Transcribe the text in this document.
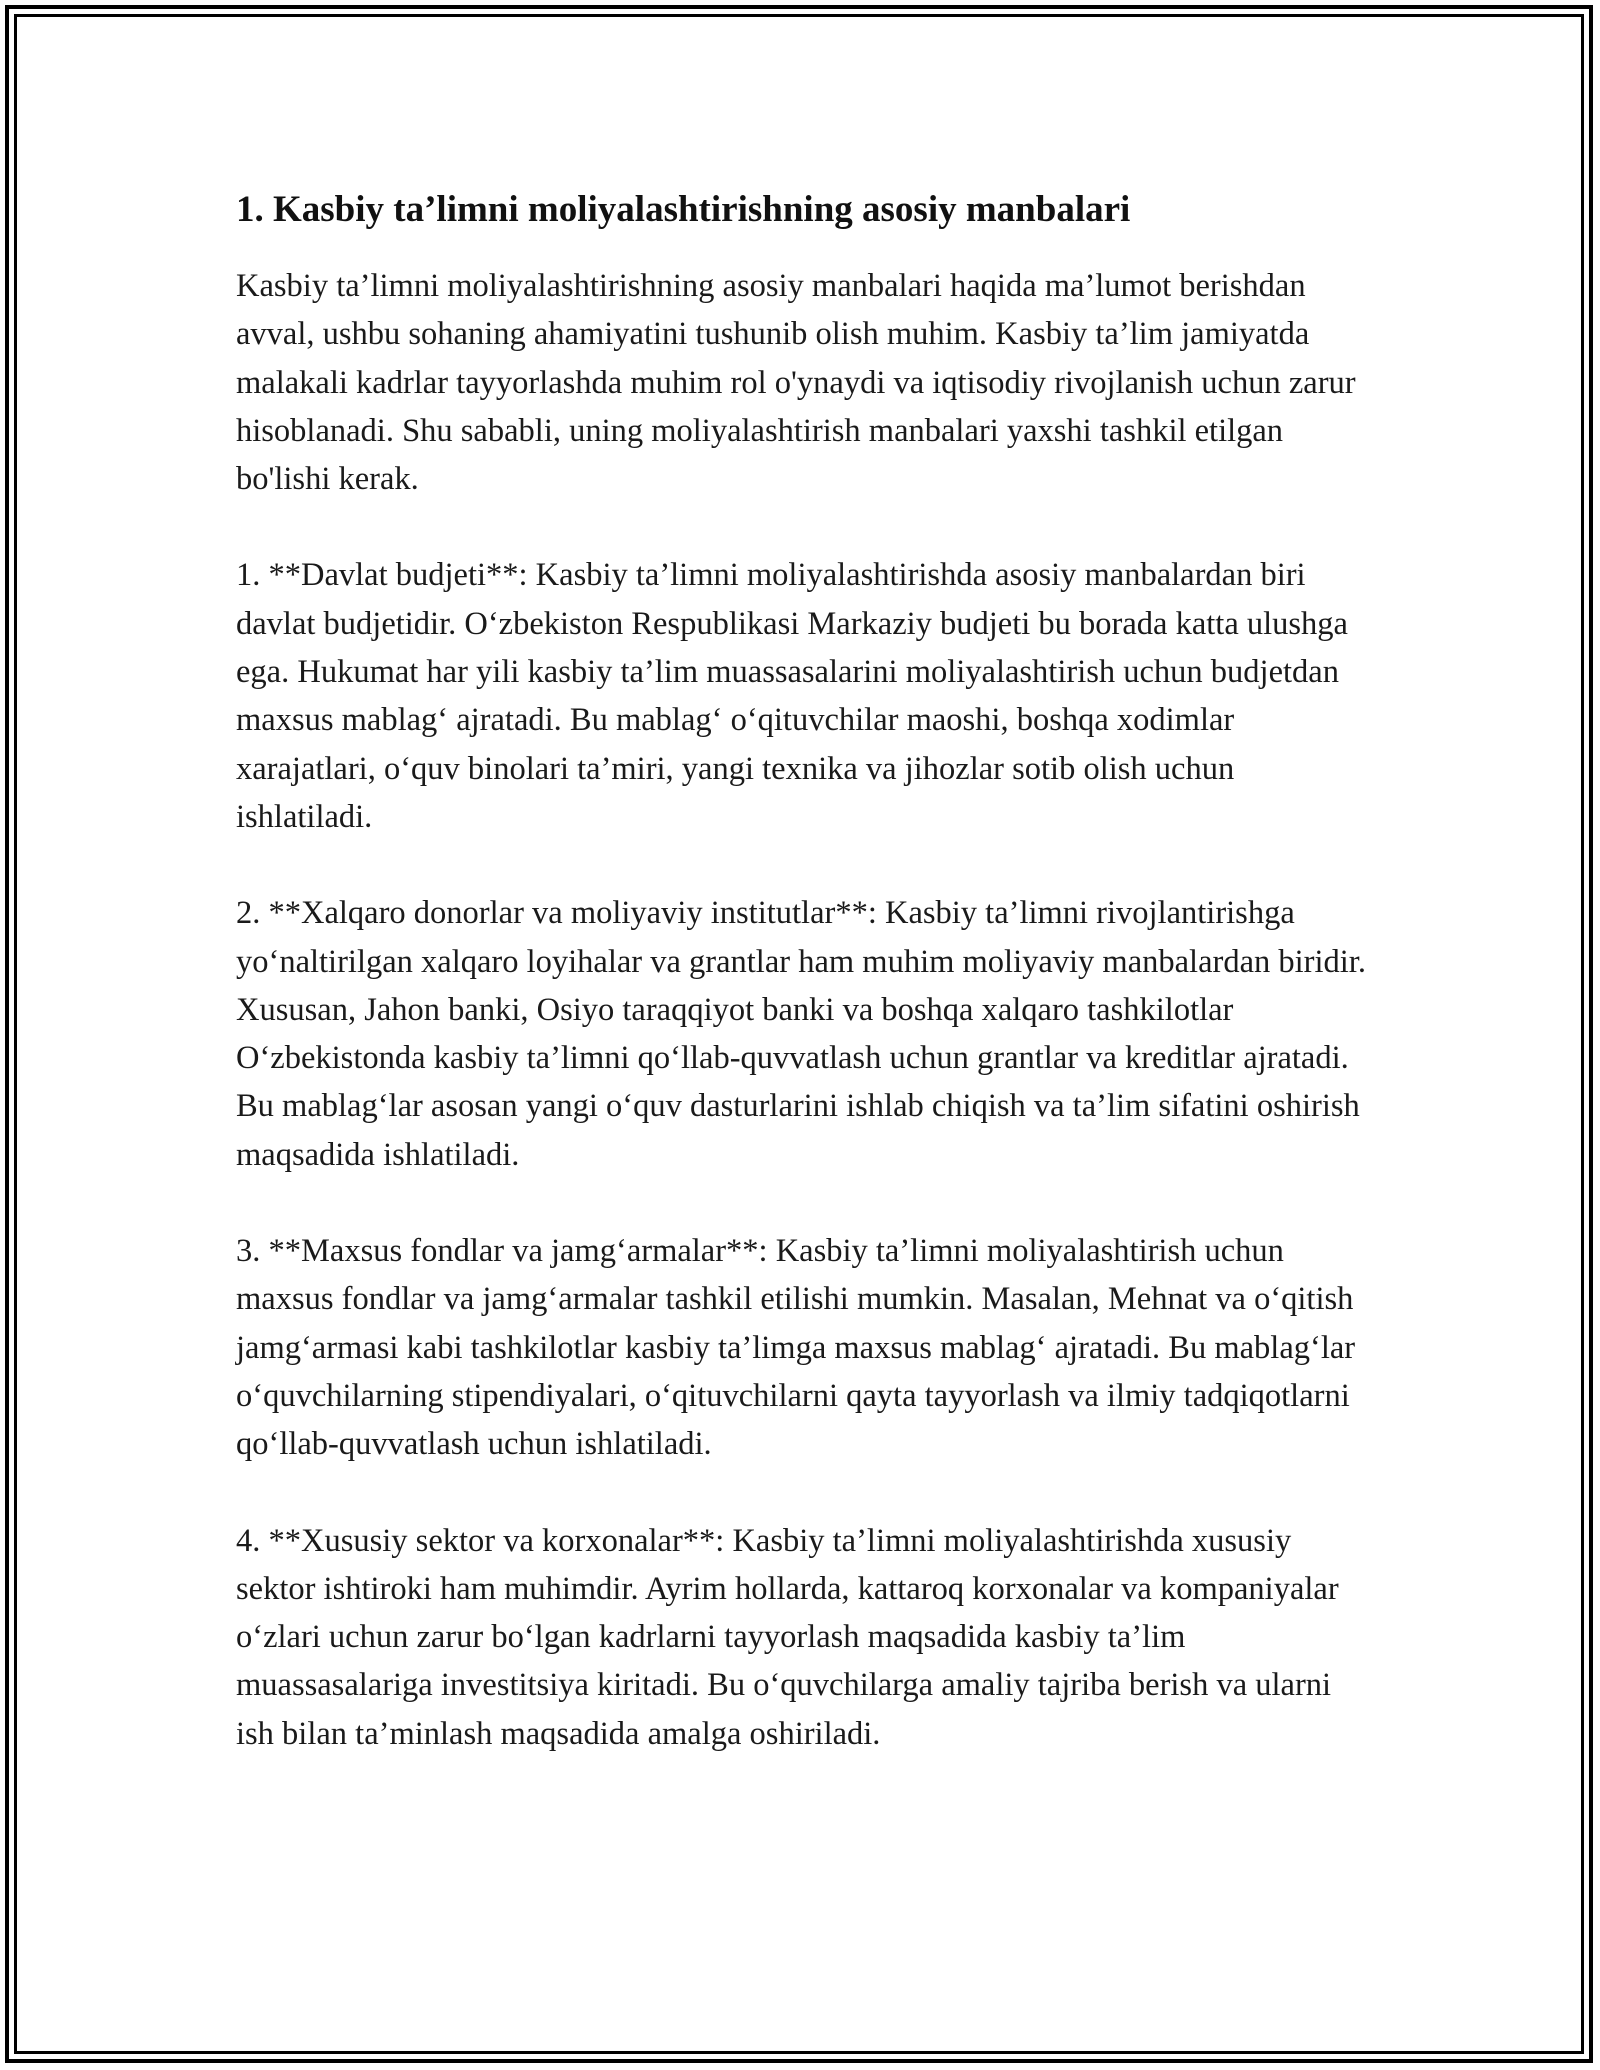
1. Kasbiy ta’limni moliyalashtirishning asosiy manbalari

Kasbiy ta’limni moliyalashtirishning asosiy manbalari haqida ma’lumot berishdan avval, ushbu sohaning ahamiyatini tushunib olish muhim. Kasbiy ta’lim jamiyatda malakali kadrlar tayyorlashda muhim rol o'ynaydi va iqtisodiy rivojlanish uchun zarur hisoblanadi. Shu sababli, uning moliyalashtirish manbalari yaxshi tashkil etilgan bo'lishi kerak.

1. **Davlat budjeti**: Kasbiy ta’limni moliyalashtirishda asosiy manbalardan biri davlat budjetidir. O‘zbekiston Respublikasi Markaziy budjeti bu borada katta ulushga ega. Hukumat har yili kasbiy ta’lim muassasalarini moliyalashtirish uchun budjetdan maxsus mablag‘ ajratadi. Bu mablag‘ o‘qituvchilar maoshi, boshqa xodimlar xarajatlari, o‘quv binolari ta’miri, yangi texnika va jihozlar sotib olish uchun ishlatiladi.

2. **Xalqaro donorlar va moliyaviy institutlar**: Kasbiy ta’limni rivojlantirishga yo‘naltirilgan xalqaro loyihalar va grantlar ham muhim moliyaviy manbalardan biridir. Xususan, Jahon banki, Osiyo taraqqiyot banki va boshqa xalqaro tashkilotlar O‘zbekistonda kasbiy ta’limni qo‘llab-quvvatlash uchun grantlar va kreditlar ajratadi. Bu mablag‘lar asosan yangi o‘quv dasturlarini ishlab chiqish va ta’lim sifatini oshirish maqsadida ishlatiladi.

3. **Maxsus fondlar va jamg‘armalar**: Kasbiy ta’limni moliyalashtirish uchun maxsus fondlar va jamg‘armalar tashkil etilishi mumkin. Masalan, Mehnat va o‘qitish jamg‘armasi kabi tashkilotlar kasbiy ta’limga maxsus mablag‘ ajratadi. Bu mablag‘lar o‘quvchilarning stipendiyalari, o‘qituvchilarni qayta tayyorlash va ilmiy tadqiqotlarni qo‘llab-quvvatlash uchun ishlatiladi.

4. **Xususiy sektor va korxonalar**: Kasbiy ta’limni moliyalashtirishda xususiy sektor ishtiroki ham muhimdir. Ayrim hollarda, kattaroq korxonalar va kompaniyalar o‘zlari uchun zarur bo‘lgan kadrlarni tayyorlash maqsadida kasbiy ta’lim muassasalariga investitsiya kiritadi. Bu o‘quvchilarga amaliy tajriba berish va ularni ish bilan ta’minlash maqsadida amalga oshiriladi.
